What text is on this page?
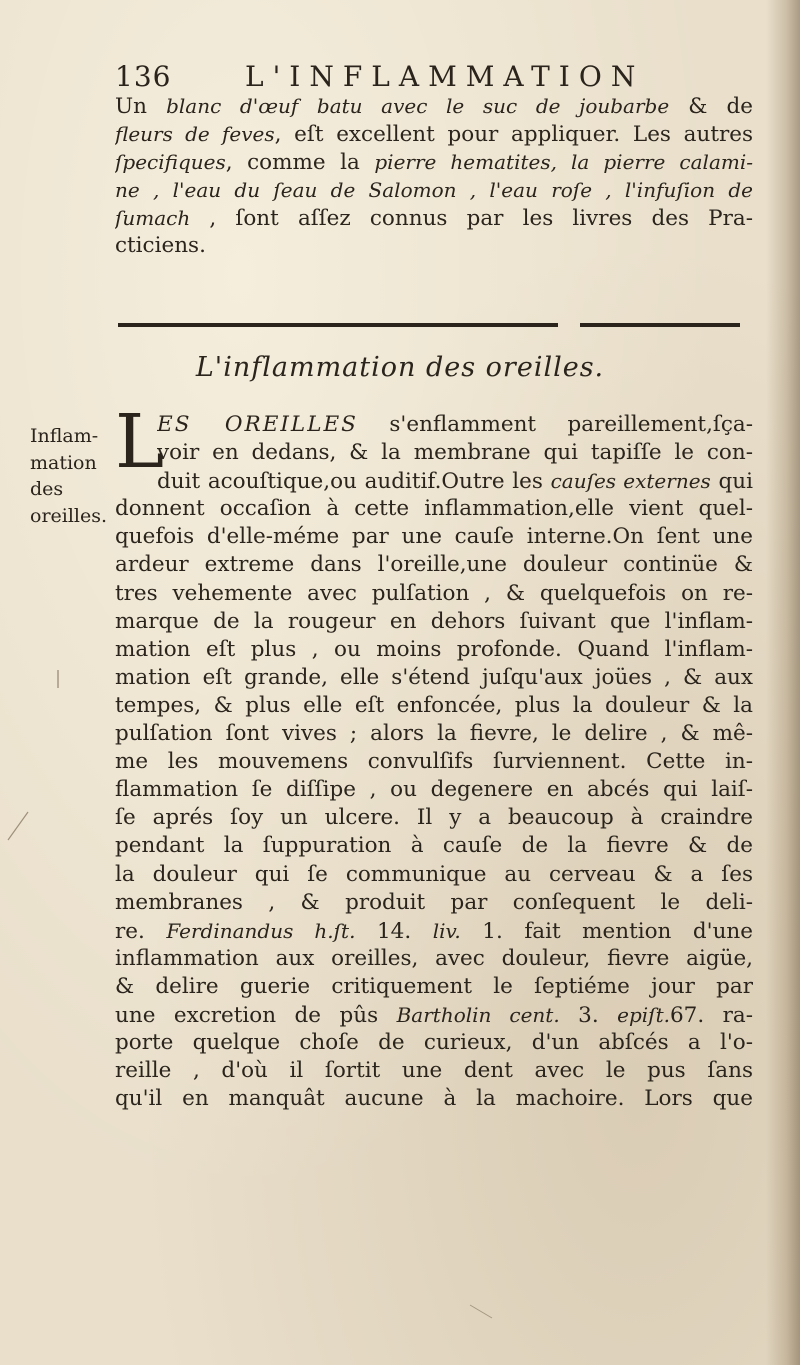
136	L'INFLAMMATION
Un blanc d'œuf batu avec le suc de joubarbe & de
fleurs de feves, eſt excellent pour appliquer. Les autres
ſpecifiques, comme la pierre hematites, la pierre calami-
ne , l'eau du ſeau de Salomon , l'eau roſe , l'infuſion de
ſumach , ſont aſſez connus par les livres des Pra-
cticiens.
L'inflammation des oreilles.
Inflam-
mation
des
oreilles.
L
ES OREILLES s'enflamment pareillement,ſça-
voir en dedans, & la membrane qui tapiſſe le con-
duit acouſtique,ou auditif.Outre les cauſes externes qui
donnent occaſion à cette inflammation,elle vient quel-
quefois d'elle-méme par une cauſe interne.On ſent une
ardeur extreme dans l'oreille,une douleur continüe &
tres vehemente avec pulſation , & quelquefois on re-
marque de la rougeur en dehors ſuivant que l'inflam-
mation eſt plus , ou moins profonde. Quand l'inflam-
mation eſt grande, elle s'étend juſqu'aux joües , & aux
tempes, & plus elle eſt enfoncée, plus la douleur & la
pulſation ſont vives ; alors la fievre, le delire , & mê-
me les mouvemens convulſifs ſurviennent. Cette in-
flammation ſe diſſipe , ou degenere en abcés qui laiſ-
ſe aprés ſoy un ulcere. Il y a beaucoup à craindre
pendant la ſuppuration à cauſe de la fievre & de
la douleur qui ſe communique au cerveau & a ſes
membranes , & produit par conſequent le deli-
re. Ferdinandus h.ſt. 14. liv. 1. fait mention d'une
inflammation aux oreilles, avec douleur, fievre aigüe,
& delire guerie critiquement le ſeptiéme jour par
une excretion de pûs Bartholin cent. 3. epiſt.67. ra-
porte quelque choſe de curieux, d'un abſcés a l'o-
reille , d'où il ſortit une dent avec le pus ſans
qu'il en manquât aucune à la machoire. Lors que
